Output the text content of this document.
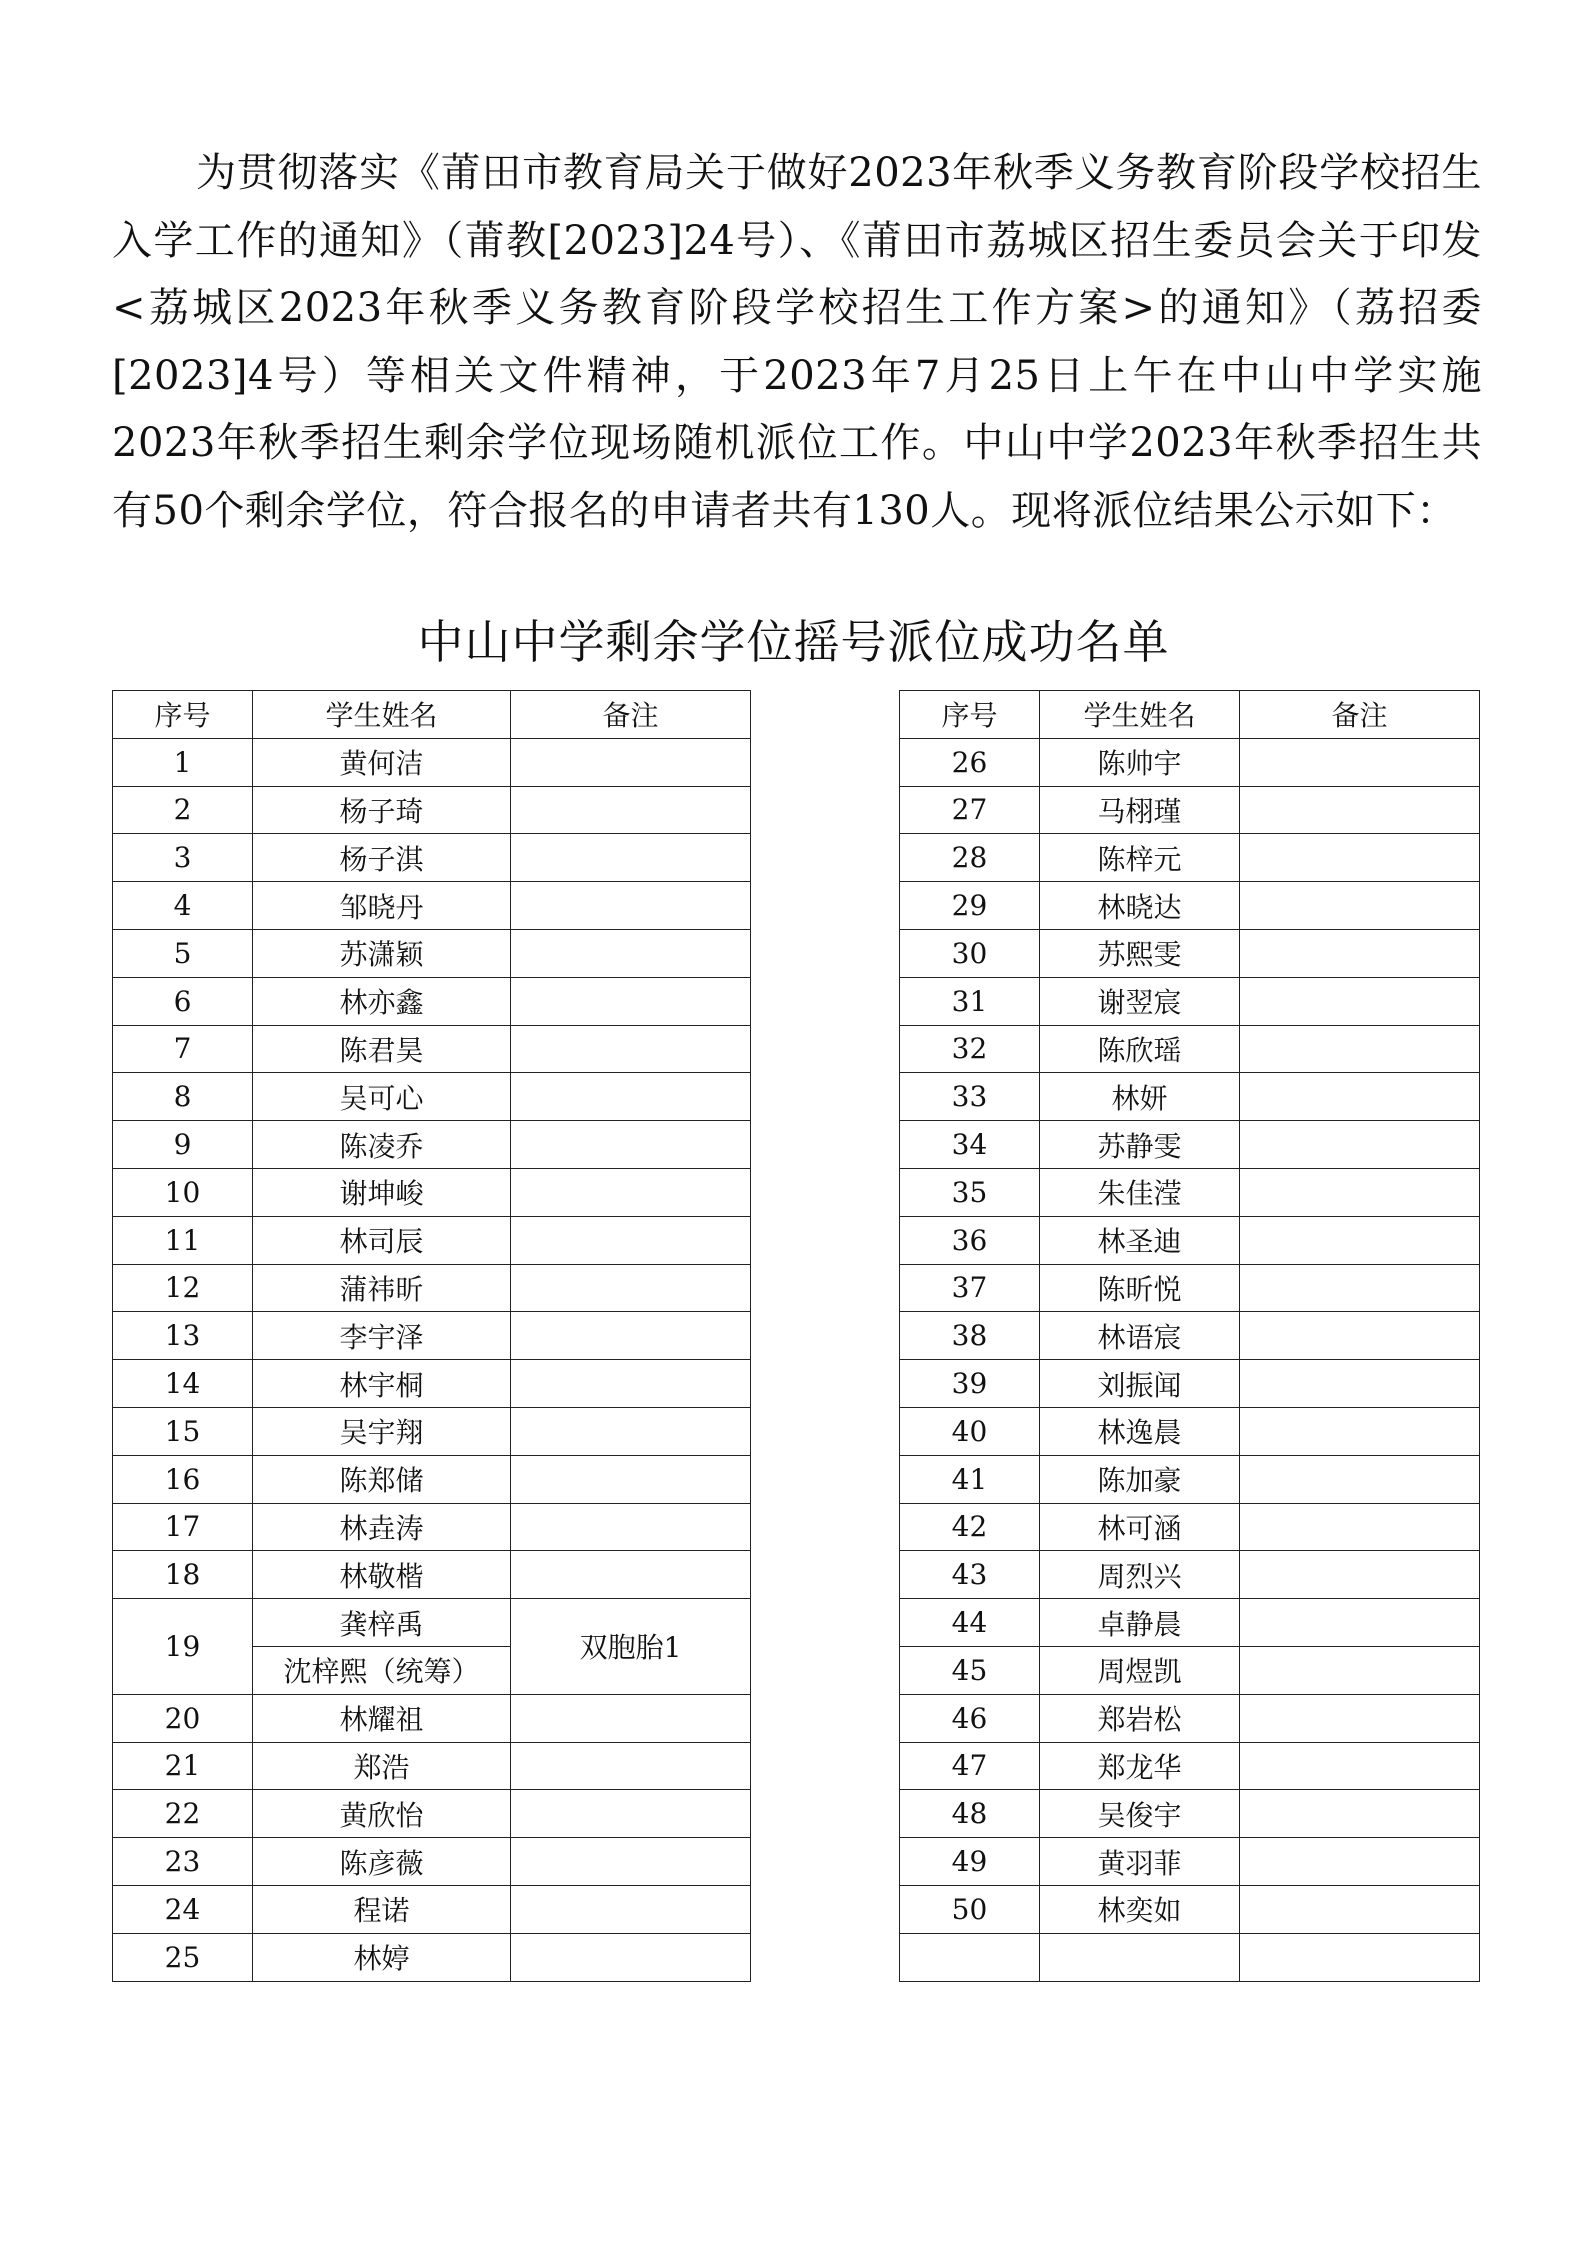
为贯彻落实《莆田市教育局关于做好2023年秋季义务教育阶段学校招生入学工作的通知》（莆教[2023]24号）、《莆田市荔城区招生委员会关于印发<荔城区2023年秋季义务教育阶段学校招生工作方案>的通知》（荔招委[2023]4号）等相关文件精神，于2023年7月25日上午在中山中学实施2023年秋季招生剩余学位现场随机派位工作。中山中学2023年秋季招生共有50个剩余学位，符合报名的申请者共有130人。现将派位结果公示如下：

中山中学剩余学位摇号派位成功名单
序号	学生姓名	备注
1	黄何洁	
2	杨子琦	
3	杨子淇	
4	邹晓丹	
5	苏潇颖	
6	林亦鑫	
7	陈君昊	
8	吴可心	
9	陈凌乔	
10	谢坤峻	
11	林司辰	
12	蒲祎昕	
13	李宇泽	
14	林宇桐	
15	吴宇翔	
16	陈郑储	
17	林垚涛	
18	林敬楷	
19	龚梓禹	双胞胎1
	沈梓熙（统筹）	
20	林耀祖	
21	郑浩	
22	黄欣怡	
23	陈彦薇	
24	程诺	
25	林婷	
序号	学生姓名	备注
26	陈帅宇	
27	马栩瑾	
28	陈梓元	
29	林晓达	
30	苏熙雯	
31	谢翌宸	
32	陈欣瑶	
33	林妍	
34	苏静雯	
35	朱佳滢	
36	林圣迪	
37	陈昕悦	
38	林语宸	
39	刘振闻	
40	林逸晨	
41	陈加豪	
42	林可涵	
43	周烈兴	
44	卓静晨	
45	周煜凯	
46	郑岩松	
47	郑龙华	
48	吴俊宇	
49	黄羽菲	
50	林奕如	
